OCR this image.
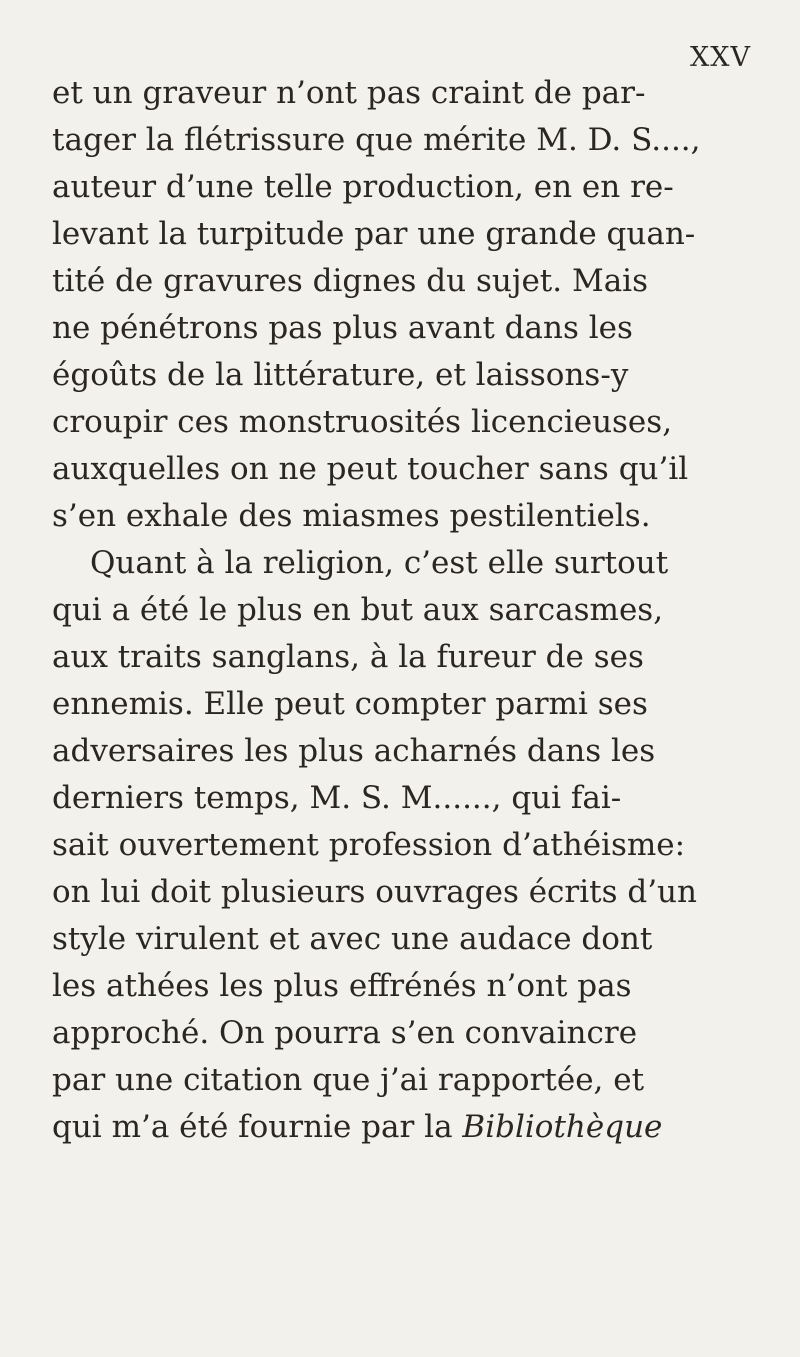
XXV
et un graveur n’ont pas craint de par-
tager la flétrissure que mérite M. D. S....,
auteur d’une telle production, en en re-
levant la turpitude par une grande quan-
tité de gravures dignes du sujet. Mais
ne pénétrons pas plus avant dans les
égoûts de la littérature, et laissons-y
croupir ces monstruosités licencieuses,
auxquelles on ne peut toucher sans qu’il
s’en exhale des miasmes pestilentiels.
Quant à la religion, c’est elle surtout
qui a été le plus en but aux sarcasmes,
aux traits sanglans, à la fureur de ses
ennemis. Elle peut compter parmi ses
adversaires les plus acharnés dans les
derniers temps, M. S. M......, qui fai-
sait ouvertement profession d’athéisme:
on lui doit plusieurs ouvrages écrits d’un
style virulent et avec une audace dont
les athées les plus effrénés n’ont pas
approché. On pourra s’en convaincre
par une citation que j’ai rapportée, et
qui m’a été fournie par la Bibliothèque
